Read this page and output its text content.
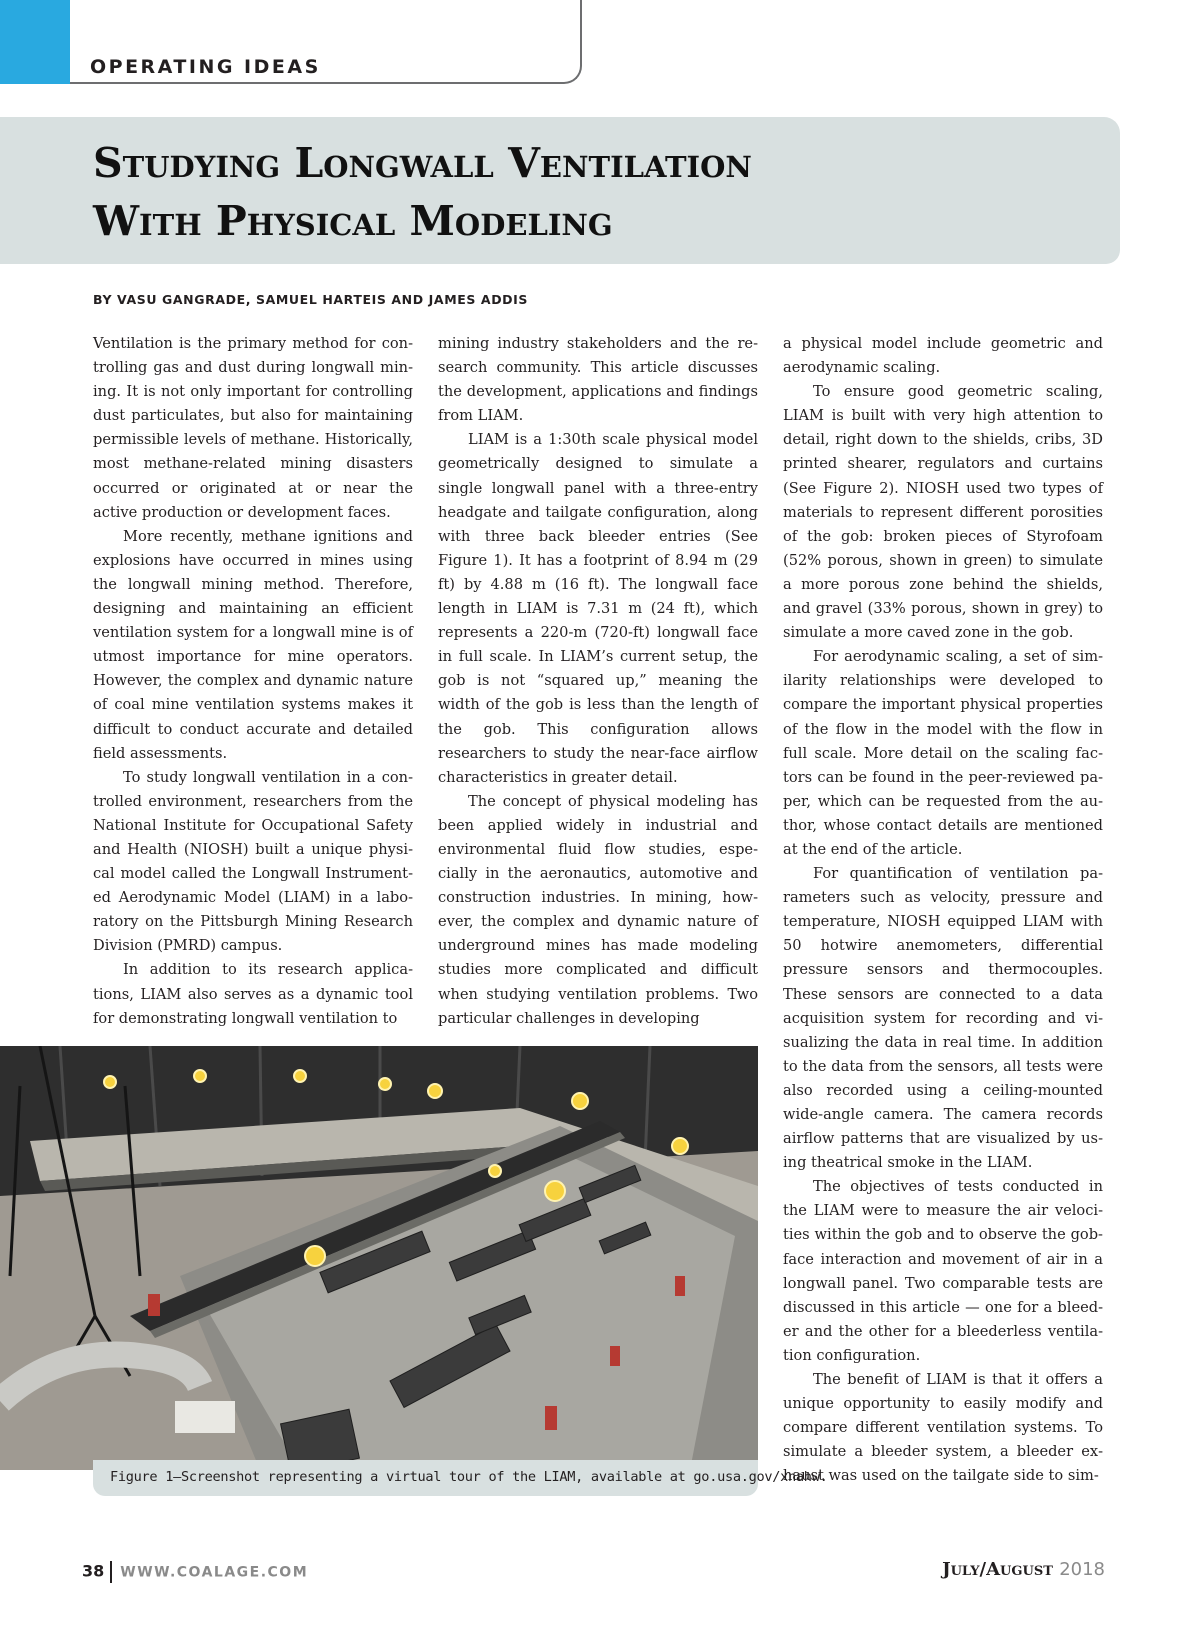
OPERATING IDEAS
Studying Longwall Ventilation
With Physical Modeling
BY VASU GANGRADE, SAMUEL HARTEIS AND JAMES ADDIS

Ventilation is the primary method for controlling gas and dust during longwall mining. It is not only important for controlling dust particulates, but also for maintaining permissible levels of methane. Historically, most methane-related mining disasters occurred or originated at or near the active production or development faces.

More recently, methane ignitions and explosions have occurred in mines using the longwall mining method. Therefore, designing and maintaining an efficient ventilation system for a longwall mine is of utmost importance for mine operators. However, the complex and dynamic nature of coal mine ventilation systems makes it difficult to conduct accurate and detailed field assessments.

To study longwall ventilation in a controlled environment, researchers from the National Institute for Occupational Safety and Health (NIOSH) built a unique physical model called the Longwall Instrumented Aerodynamic Model (LIAM) in a laboratory on the Pittsburgh Mining Research Division (PMRD) campus.

In addition to its research applications, LIAM also serves as a dynamic tool for demonstrating longwall ventilation to

mining industry stakeholders and the research community. This article discusses the development, applications and findings from LIAM.

LIAM is a 1:30th scale physical model geometrically designed to simulate a single longwall panel with a three-entry headgate and tailgate configuration, along with three back bleeder entries (See Figure 1). It has a footprint of 8.94 m (29 ft) by 4.88 m (16 ft). The longwall face length in LIAM is 7.31 m (24 ft), which represents a 220-m (720-ft) longwall face in full scale. In LIAM’s current setup, the gob is not “squared up,” meaning the width of the gob is less than the length of the gob. This configuration allows researchers to study the near-face airflow characteristics in greater detail.

The concept of physical modeling has been applied widely in industrial and environmental fluid flow studies, especially in the aeronautics, automotive and construction industries. In mining, however, the complex and dynamic nature of underground mines has made modeling studies more complicated and difficult when studying ventilation problems. Two particular challenges in developing

a physical model include geometric and aerodynamic scaling.

To ensure good geometric scaling, LIAM is built with very high attention to detail, right down to the shields, cribs, 3D printed shearer, regulators and curtains (See Figure 2). NIOSH used two types of materials to represent different porosities of the gob: broken pieces of Styrofoam (52% porous, shown in green) to simulate a more porous zone behind the shields, and gravel (33% porous, shown in grey) to simulate a more caved zone in the gob.

For aerodynamic scaling, a set of similarity relationships were developed to compare the important physical properties of the flow in the model with the flow in full scale. More detail on the scaling factors can be found in the peer-reviewed paper, which can be requested from the author, whose contact details are mentioned at the end of the article.

For quantification of ventilation parameters such as velocity, pressure and temperature, NIOSH equipped LIAM with 50 hotwire anemometers, differential pressure sensors and thermocouples. These sensors are connected to a data acquisition system for recording and visualizing the data in real time. In addition to the data from the sensors, all tests were also recorded using a ceiling-mounted wide-angle camera. The camera records airflow patterns that are visualized by using theatrical smoke in the LIAM.

The objectives of tests conducted in the LIAM were to measure the air velocities within the gob and to observe the gob-face interaction and movement of air in a longwall panel. Two comparable tests are discussed in this article — one for a bleeder and the other for a bleederless ventilation configuration.

The benefit of LIAM is that it offers a unique opportunity to easily modify and compare different ventilation systems. To simulate a bleeder system, a bleeder exhaust was used on the tailgate side to sim-

Figure 1—Screenshot representing a virtual tour of the LIAM, available at go.usa.gov/xnahw.
38 WWW.COALAGE.COM	July/August 2018
